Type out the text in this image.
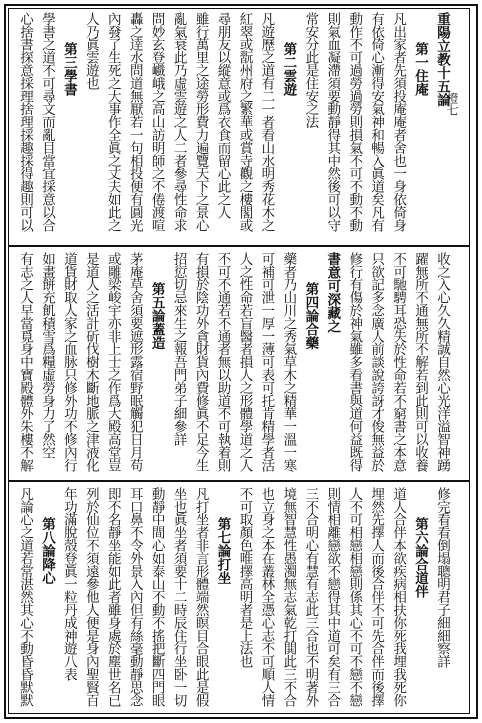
橙七
重陽立教十五論
第一住庵
凡出家者先須投庵庵者舍也一身依倚身
有依倚心漸得安氣神和暢入眞道矣凡有
動作不可過勞過勞則損氣不可不動不動
則氣血凝滯須要動靜得其中然後可以守
常安分此是住安之法
第二雲遊
凡遊歷之道有二一者看山水明秀花木之
紅翠或翫州府之繁華或賞寺觀之樓閣或
尋朋友以縱意或爲衣食而留心此之人
雖行萬里之途勞形費力遍覽天下之景心
亂氣衰此乃虛雲遊之人二者參尋性命求
問妙玄登巇峨之高山訪明師之不倦渡喧
轟之逹水問道無厭若一句相投便有圓光
內發了生死之大事作全眞之丈夫如此之
人乃眞雲遊也
第三學書
學書之道不可尋文而亂目當宜採意以合
心捨書探意採理捨理採趣採得趣則可以
收之入心久久精誠自然心光洋溢智神踴
躍無所不通無所不解若到此則可以收養
不可馳騁耳恐失於性命若不窮書之本意
只欲記多念廣人前談說誇訝才俊無益於
修行有傷於神氣雖多看書與道何益既得
書意可深藏之
第四論合藥
藥者乃山川之秀氣草木之精華一溫一寒
可補可泄一厚一薄可表可托肯精學者活
人之性命若盲醫者損人之形體學道之人
不可不通若不通者無以助道不可執着則
有損於陰功外貪財貨內費修眞不足今生
招愆切忌來生之報吾門弟子細參詳
第五論蓋造
茅庵草舍須要遮形露宿野眠觸犯日月苟
或雕梁峻宇亦非上士之作爲大殿高堂豈
是道人之活計斫伐樹木斷地脈之津液化
道貨財取人家之血脉只修外功不修內行
如畫餅充飢積雪爲糧虛勞身力了然空
有志之人早當覓身中寶殿體外朱樓不解
修完看看倒塌聰明君子細細察詳
第六論合道伴
道人合伴本欲疾病相扶你死我埋我死你
埋然先擇人而後合伴不可先合伴而後擇
人不可相戀相戀則係其心不可不戀不戀
則情相離戀欲不戀得其中道可矣有三合
三不合明心有慧有志此三合也不明著外
境無智慧性愚濁無志氣乾打閧此三不合
也立身之本在叢林全憑心志不可順人情
不可取顏色唯擇高明者是上法也
第七論打坐
凡打坐者非言形體端然瞑目合眼此是假
坐也眞坐者須要十二時辰住行坐卧一切
動靜中間心如泰山不動不搖把斷四門眼
耳口鼻不令外景入內但有絲毫動靜思念
即不名靜坐能如此者雖身處於塵世名已
列於仙位不須遠參他人便是身內聖賢百
年功滿脫殼登眞一粒丹成神遊八表
第八論降心
凡論心之道若常湛然其心不動昏昏默默
